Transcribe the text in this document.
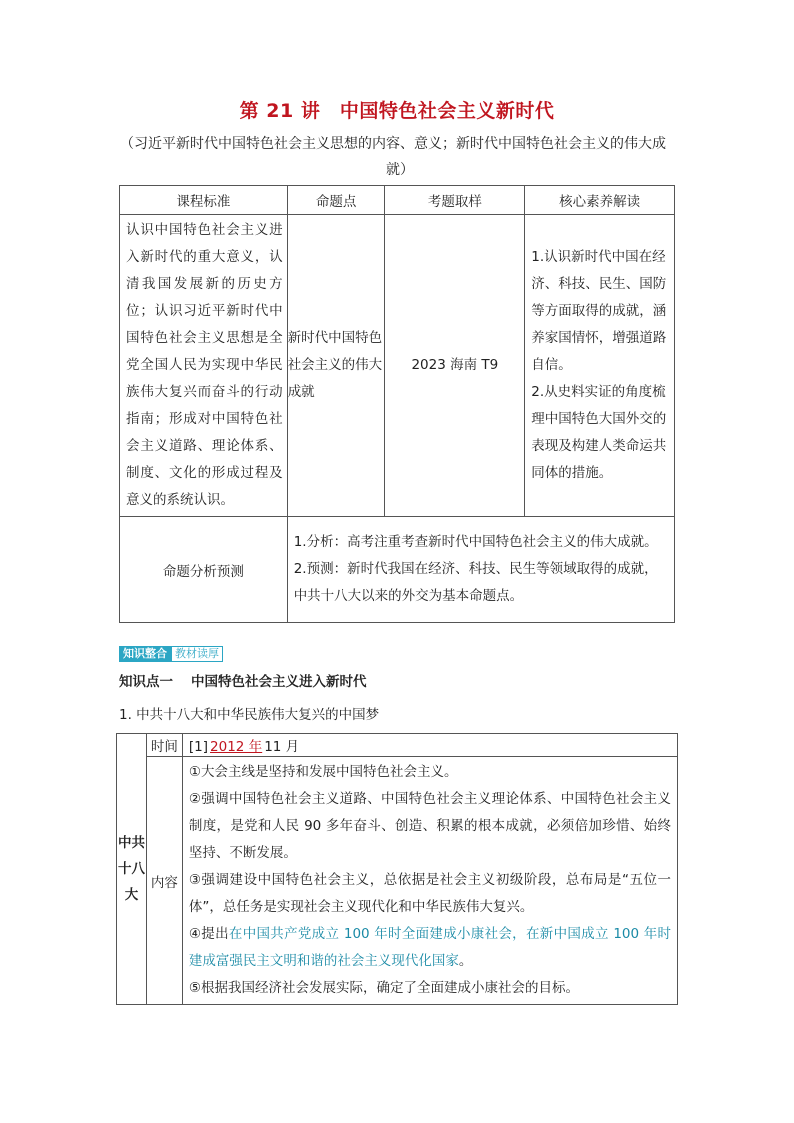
第 21 讲　中国特色社会主义新时代
（习近平新时代中国特色社会主义思想的内容、意义；新时代中国特色社会主义的伟大成
就）
课程标准	命题点	考题取样	核心素养解读
认识中国特色社会主义进入新时代的重大意义，认清我国发展新的历史方位；认识习近平新时代中国特色社会主义思想是全党全国人民为实现中华民族伟大复兴而奋斗的行动指南；形成对中国特色社会主义道路、理论体系、制度、文化的形成过程及意义的系统认识。	新时代中国特色社会主义的伟大成就	2023 海南 T9	1.认识新时代中国在经济、科技、民生、国防等方面取得的成就，涵养家国情怀，增强道路自信。
2.从史料实证的角度梳理中国特色大国外交的表现及构建人类命运共同体的措施。

命题分析预测	1.分析：高考注重考查新时代中国特色社会主义的伟大成就。
2.预测：新时代我国在经济、科技、民生等领域取得的成就，中共十八大以来的外交为基本命题点。		
知识整合 教材读厚
知识点一 中国特色社会主义进入新时代
1. 中共十八大和中华民族伟大复兴的中国梦
中共十八大	时间	[1] 2012 年 11 月
	内容	①大会主线是坚持和发展中国特色社会主义。
②强调中国特色社会主义道路、中国特色社会主义理论体系、中国特色社会主义制度，是党和人民 90 多年奋斗、创造、积累的根本成就，必须倍加珍惜、始终坚持、不断发展。
③强调建设中国特色社会主义，总依据是社会主义初级阶段，总布局是“五位一体”，总任务是实现社会主义现代化和中华民族伟大复兴。
④提出在中国共产党成立 100 年时全面建成小康社会，在新中国成立 100 年时建成富强民主文明和谐的社会主义现代化国家。
⑤根据我国经济社会发展实际，确定了全面建成小康社会的目标。
